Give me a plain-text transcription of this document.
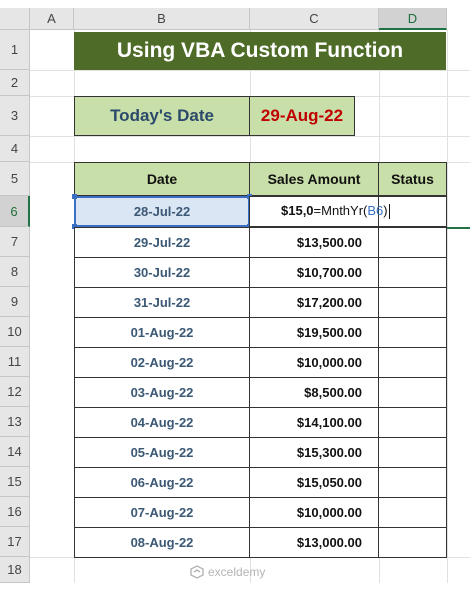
A	B	C	D
1
2
3
4
5
6
7
8
9
10
11
12
13
14
15
16
17
18
Using VBA Custom Function
Today's Date	29-Aug-22
Date	Sales Amount	Status
28-Jul-22	$15,0=MnthYr(B6)
29-Jul-22	$13,500.00
30-Jul-22	$10,700.00
31-Jul-22	$17,200.00
01-Aug-22	$19,500.00
02-Aug-22	$10,000.00
03-Aug-22	$8,500.00
04-Aug-22	$14,100.00
05-Aug-22	$15,300.00
06-Aug-22	$15,050.00
07-Aug-22	$10,000.00
08-Aug-22	$13,000.00
exceldemy
